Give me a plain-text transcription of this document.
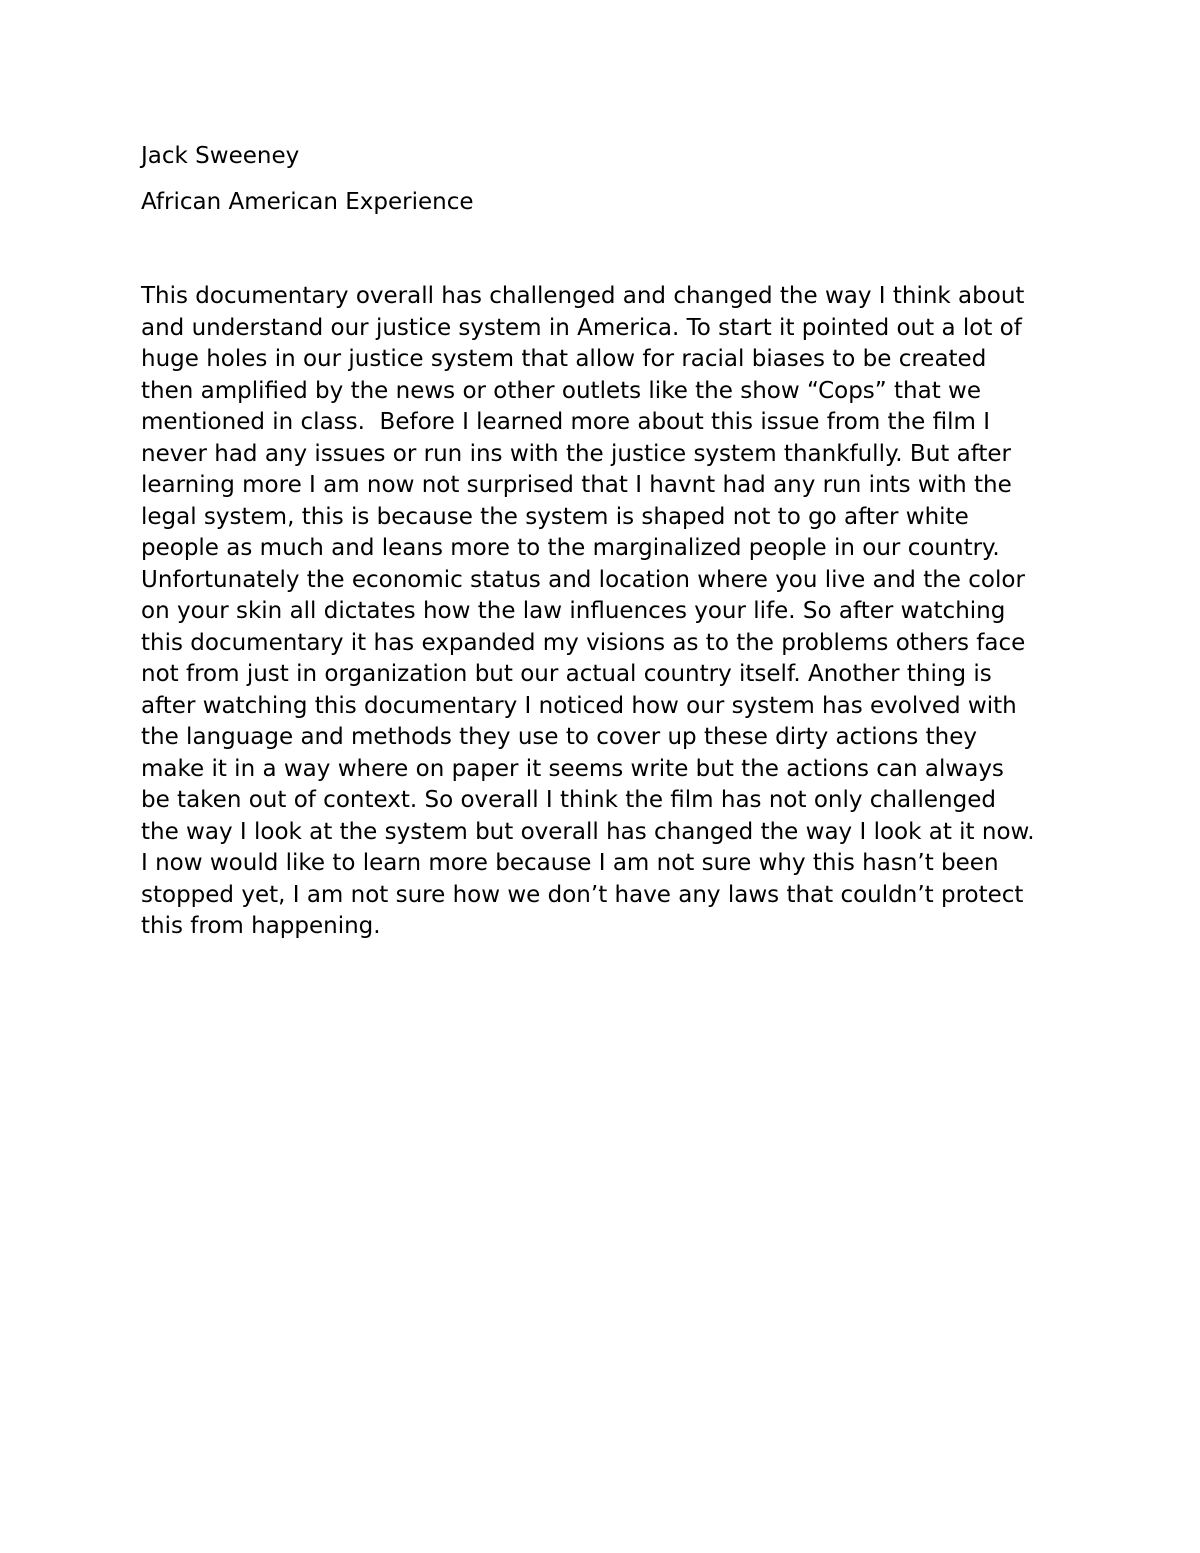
Jack Sweeney

African American Experience

This documentary overall has challenged and changed the way I think about
and understand our justice system in America. To start it pointed out a lot of
huge holes in our justice system that allow for racial biases to be created
then amplified by the news or other outlets like the show “Cops” that we
mentioned in class.  Before I learned more about this issue from the film I
never had any issues or run ins with the justice system thankfully. But after
learning more I am now not surprised that I havnt had any run ints with the
legal system, this is because the system is shaped not to go after white
people as much and leans more to the marginalized people in our country.
Unfortunately the economic status and location where you live and the color
on your skin all dictates how the law influences your life. So after watching
this documentary it has expanded my visions as to the problems others face
not from just in organization but our actual country itself. Another thing is
after watching this documentary I noticed how our system has evolved with
the language and methods they use to cover up these dirty actions they
make it in a way where on paper it seems write but the actions can always
be taken out of context. So overall I think the film has not only challenged
the way I look at the system but overall has changed the way I look at it now.
I now would like to learn more because I am not sure why this hasn’t been
stopped yet, I am not sure how we don’t have any laws that couldn’t protect
this from happening.
